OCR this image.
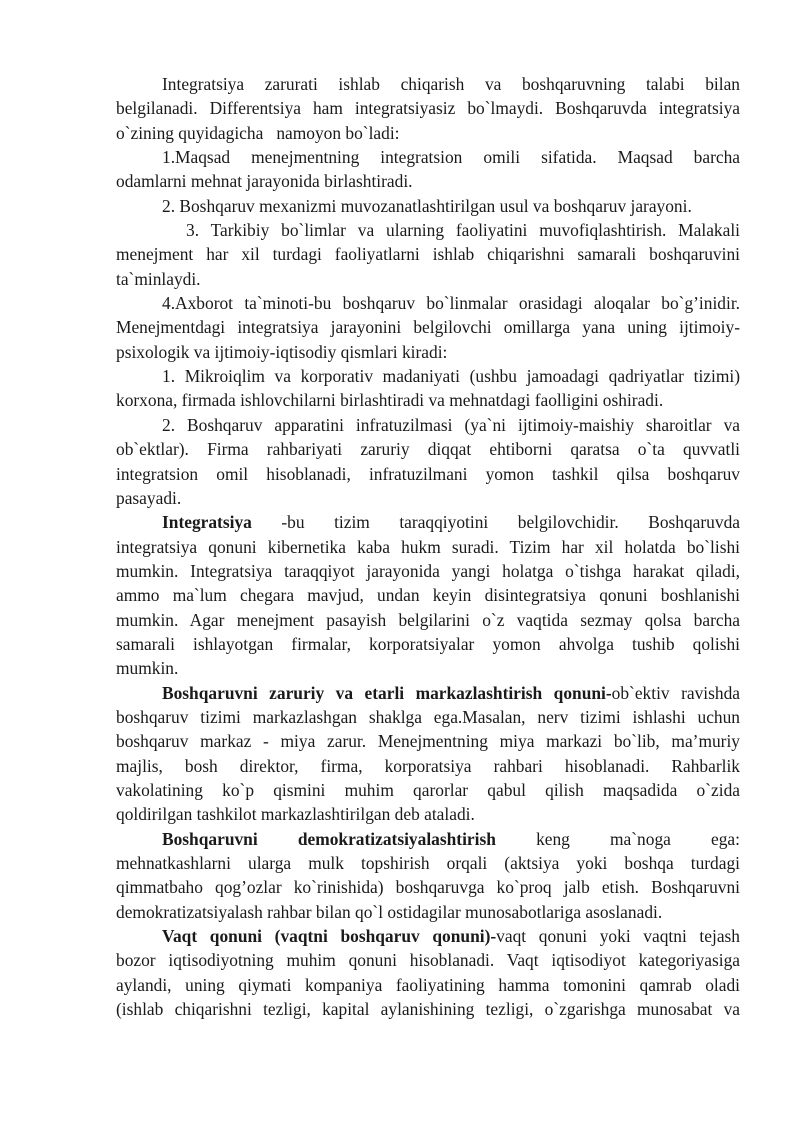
Integratsiya zarurati ishlab chiqarish va boshqaruvning talabi bilan
belgilanadi. Differentsiya ham integratsiyasiz bo`lmaydi. Boshqaruvda integratsiya
o`zining quyidagicha   namoyon bo`ladi:
1.Maqsad menejmentning integratsion omili sifatida. Maqsad barcha
odamlarni mehnat jarayonida birlashtiradi.
2. Boshqaruv mexanizmi muvozanatlashtirilgan usul va boshqaruv jarayoni.
3. Tarkibiy bo`limlar va ularning faoliyatini muvofiqlashtirish. Malakali
menejment har xil turdagi faoliyatlarni ishlab chiqarishni samarali boshqaruvini
ta`minlaydi.
4.Axborot ta`minoti-bu boshqaruv bo`linmalar orasidagi aloqalar bo`g’inidir.
Menejmentdagi integratsiya jarayonini belgilovchi omillarga yana uning ijtimoiy-
psixologik va ijtimoiy-iqtisodiy qismlari kiradi:
1. Mikroiqlim va korporativ madaniyati (ushbu jamoadagi qadriyatlar tizimi)
korxona, firmada ishlovchilarni birlashtiradi va mehnatdagi faolligini oshiradi.
2. Boshqaruv apparatini infratuzilmasi (ya`ni ijtimoiy-maishiy sharoitlar va
ob`ektlar). Firma rahbariyati zaruriy diqqat ehtiborni qaratsa o`ta quvvatli
integratsion omil hisoblanadi, infratuzilmani yomon tashkil qilsa boshqaruv
pasayadi.
Integratsiya -bu tizim taraqqiyotini belgilovchidir. Boshqaruvda
integratsiya qonuni kibernetika kaba hukm suradi. Tizim har xil holatda bo`lishi
mumkin. Integratsiya taraqqiyot jarayonida yangi holatga o`tishga harakat qiladi,
ammo ma`lum chegara mavjud, undan keyin disintegratsiya qonuni boshlanishi
mumkin. Agar menejment pasayish belgilarini o`z vaqtida sezmay qolsa barcha
samarali ishlayotgan firmalar, korporatsiyalar yomon ahvolga tushib qolishi
mumkin.
Boshqaruvni zaruriy va etarli markazlashtirish qonuni-ob`ektiv ravishda
boshqaruv tizimi markazlashgan shaklga ega.Masalan, nerv tizimi ishlashi uchun
boshqaruv markaz - miya zarur. Menejmentning miya markazi bo`lib, ma’muriy
majlis, bosh direktor, firma, korporatsiya rahbari hisoblanadi. Rahbarlik
vakolatining ko`p qismini muhim qarorlar qabul qilish maqsadida o`zida
qoldirilgan tashkilot markazlashtirilgan deb ataladi.
Boshqaruvni demokratizatsiyalashtirish keng ma`noga ega:
mehnatkashlarni ularga mulk topshirish orqali (aktsiya yoki boshqa turdagi
qimmatbaho qog’ozlar ko`rinishida) boshqaruvga ko`proq jalb etish. Boshqaruvni
demokratizatsiyalash rahbar bilan qo`l ostidagilar munosabotlariga asoslanadi.
Vaqt qonuni (vaqtni boshqaruv qonuni)-vaqt qonuni yoki vaqtni tejash
bozor iqtisodiyotning muhim qonuni hisoblanadi. Vaqt iqtisodiyot kategoriyasiga
aylandi, uning qiymati kompaniya faoliyatining hamma tomonini qamrab oladi
(ishlab chiqarishni tezligi, kapital aylanishining tezligi, o`zgarishga munosabat va
